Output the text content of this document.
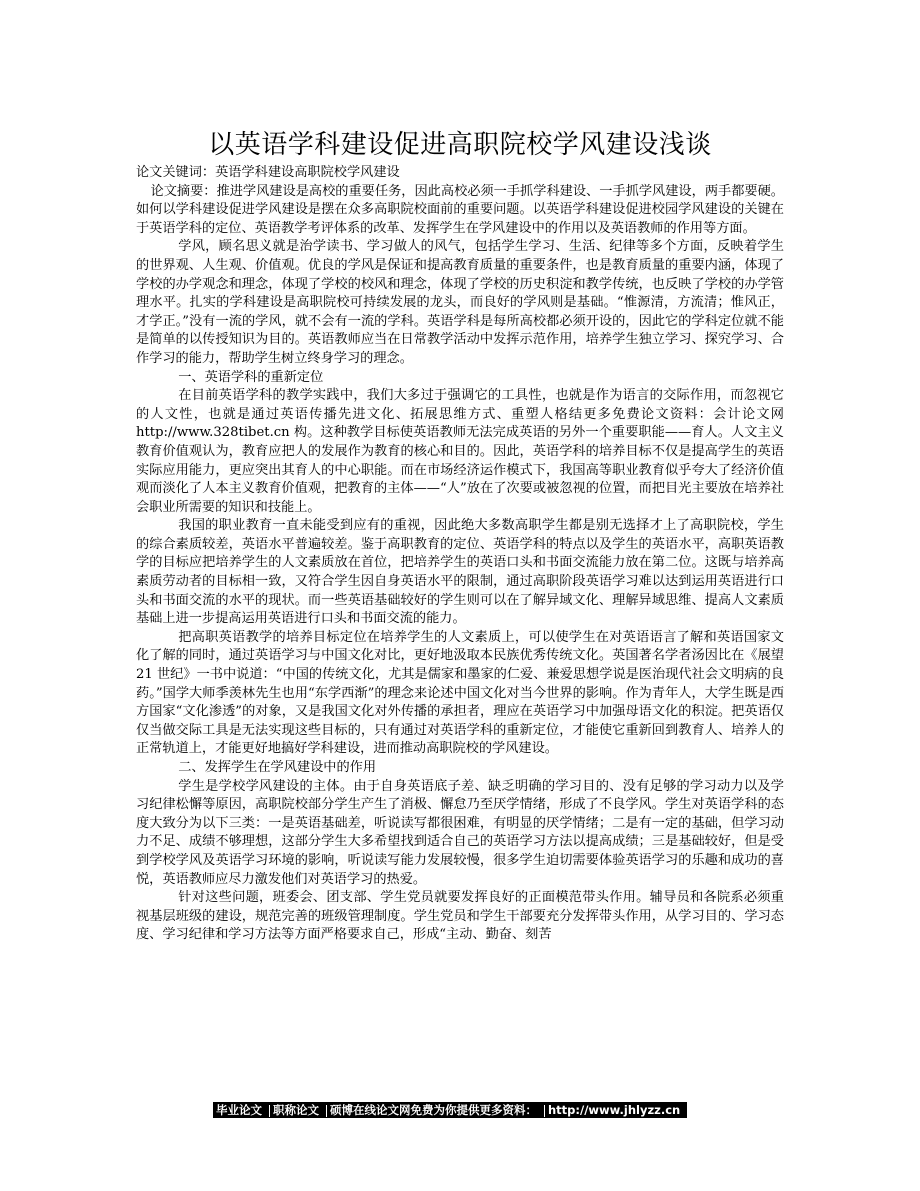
以英语学科建设促进高职院校学风建设浅谈

论文关键词：英语学科建设高职院校学风建设

论文摘要：推进学风建设是高校的重要任务，因此高校必须一手抓学科建设、一手抓学风建设，两手都要硬。如何以学科建设促进学风建设是摆在众多高职院校面前的重要问题。以英语学科建设促进校园学风建设的关键在于英语学科的定位、英语教学考评体系的改革、发挥学生在学风建设中的作用以及英语教师的作用等方面。

学风，顾名思义就是治学读书、学习做人的风气，包括学生学习、生活、纪律等多个方面，反映着学生的世界观、人生观、价值观。优良的学风是保证和提高教育质量的重要条件，也是教育质量的重要内涵，体现了学校的办学观念和理念，体现了学校的校风和理念，体现了学校的历史积淀和教学传统，也反映了学校的办学管理水平。扎实的学科建设是高职院校可持续发展的龙头，而良好的学风则是基础。“惟源清，方流清；惟风正，才学正。”没有一流的学风，就不会有一流的学科。英语学科是每所高校都必须开设的，因此它的学科定位就不能是简单的以传授知识为目的。英语教师应当在日常教学活动中发挥示范作用，培养学生独立学习、探究学习、合作学习的能力，帮助学生树立终身学习的理念。

一、英语学科的重新定位

在目前英语学科的教学实践中，我们大多过于强调它的工具性，也就是作为语言的交际作用，而忽视它的人文性，也就是通过英语传播先进文化、拓展思维方式、重塑人格结更多免费论文资料：会计论文网 http://www.328tibet.cn 构。这种教学目标使英语教师无法完成英语的另外一个重要职能——育人。人文主义教育价值观认为，教育应把人的发展作为教育的核心和目的。因此，英语学科的培养目标不仅是提高学生的英语实际应用能力，更应突出其育人的中心职能。而在市场经济运作模式下，我国高等职业教育似乎夸大了经济价值观而淡化了人本主义教育价值观，把教育的主体——“人”放在了次要或被忽视的位置，而把目光主要放在培养社会职业所需要的知识和技能上。

我国的职业教育一直未能受到应有的重视，因此绝大多数高职学生都是别无选择才上了高职院校，学生的综合素质较差，英语水平普遍较差。鉴于高职教育的定位、英语学科的特点以及学生的英语水平，高职英语教学的目标应把培养学生的人文素质放在首位，把培养学生的英语口头和书面交流能力放在第二位。这既与培养高素质劳动者的目标相一致，又符合学生因自身英语水平的限制，通过高职阶段英语学习难以达到运用英语进行口头和书面交流的水平的现状。而一些英语基础较好的学生则可以在了解异域文化、理解异域思维、提高人文素质基础上进一步提高运用英语进行口头和书面交流的能力。

把高职英语教学的培养目标定位在培养学生的人文素质上，可以使学生在对英语语言了解和英语国家文化了解的同时，通过英语学习与中国文化对比，更好地汲取本民族优秀传统文化。英国著名学者汤因比在《展望 21 世纪》一书中说道：“中国的传统文化，尤其是儒家和墨家的仁爱、兼爱思想学说是医治现代社会文明病的良药。”国学大师季羡林先生也用“东学西渐”的理念来论述中国文化对当今世界的影响。作为青年人，大学生既是西方国家“文化渗透”的对象，又是我国文化对外传播的承担者，理应在英语学习中加强母语文化的积淀。把英语仅仅当做交际工具是无法实现这些目标的，只有通过对英语学科的重新定位，才能使它重新回到教育人、培养人的正常轨道上，才能更好地搞好学科建设，进而推动高职院校的学风建设。

二、发挥学生在学风建设中的作用

学生是学校学风建设的主体。由于自身英语底子差、缺乏明确的学习目的、没有足够的学习动力以及学习纪律松懈等原因，高职院校部分学生产生了消极、懈怠乃至厌学情绪，形成了不良学风。学生对英语学科的态度大致分为以下三类：一是英语基础差，听说读写都很困难，有明显的厌学情绪；二是有一定的基础，但学习动力不足、成绩不够理想，这部分学生大多希望找到适合自己的英语学习方法以提高成绩；三是基础较好，但是受到学校学风及英语学习环境的影响，听说读写能力发展较慢，很多学生迫切需要体验英语学习的乐趣和成功的喜悦，英语教师应尽力激发他们对英语学习的热爱。

针对这些问题，班委会、团支部、学生党员就要发挥良好的正面模范带头作用。辅导员和各院系必须重视基层班级的建设，规范完善的班级管理制度。学生党员和学生干部要充分发挥带头作用，从学习目的、学习态度、学习纪律和学习方法等方面严格要求自己，形成“主动、勤奋、刻苦

毕业论文 职称论文 硕博在线论文网免费为你提供更多资料： http://www.jhlyzz.cn
